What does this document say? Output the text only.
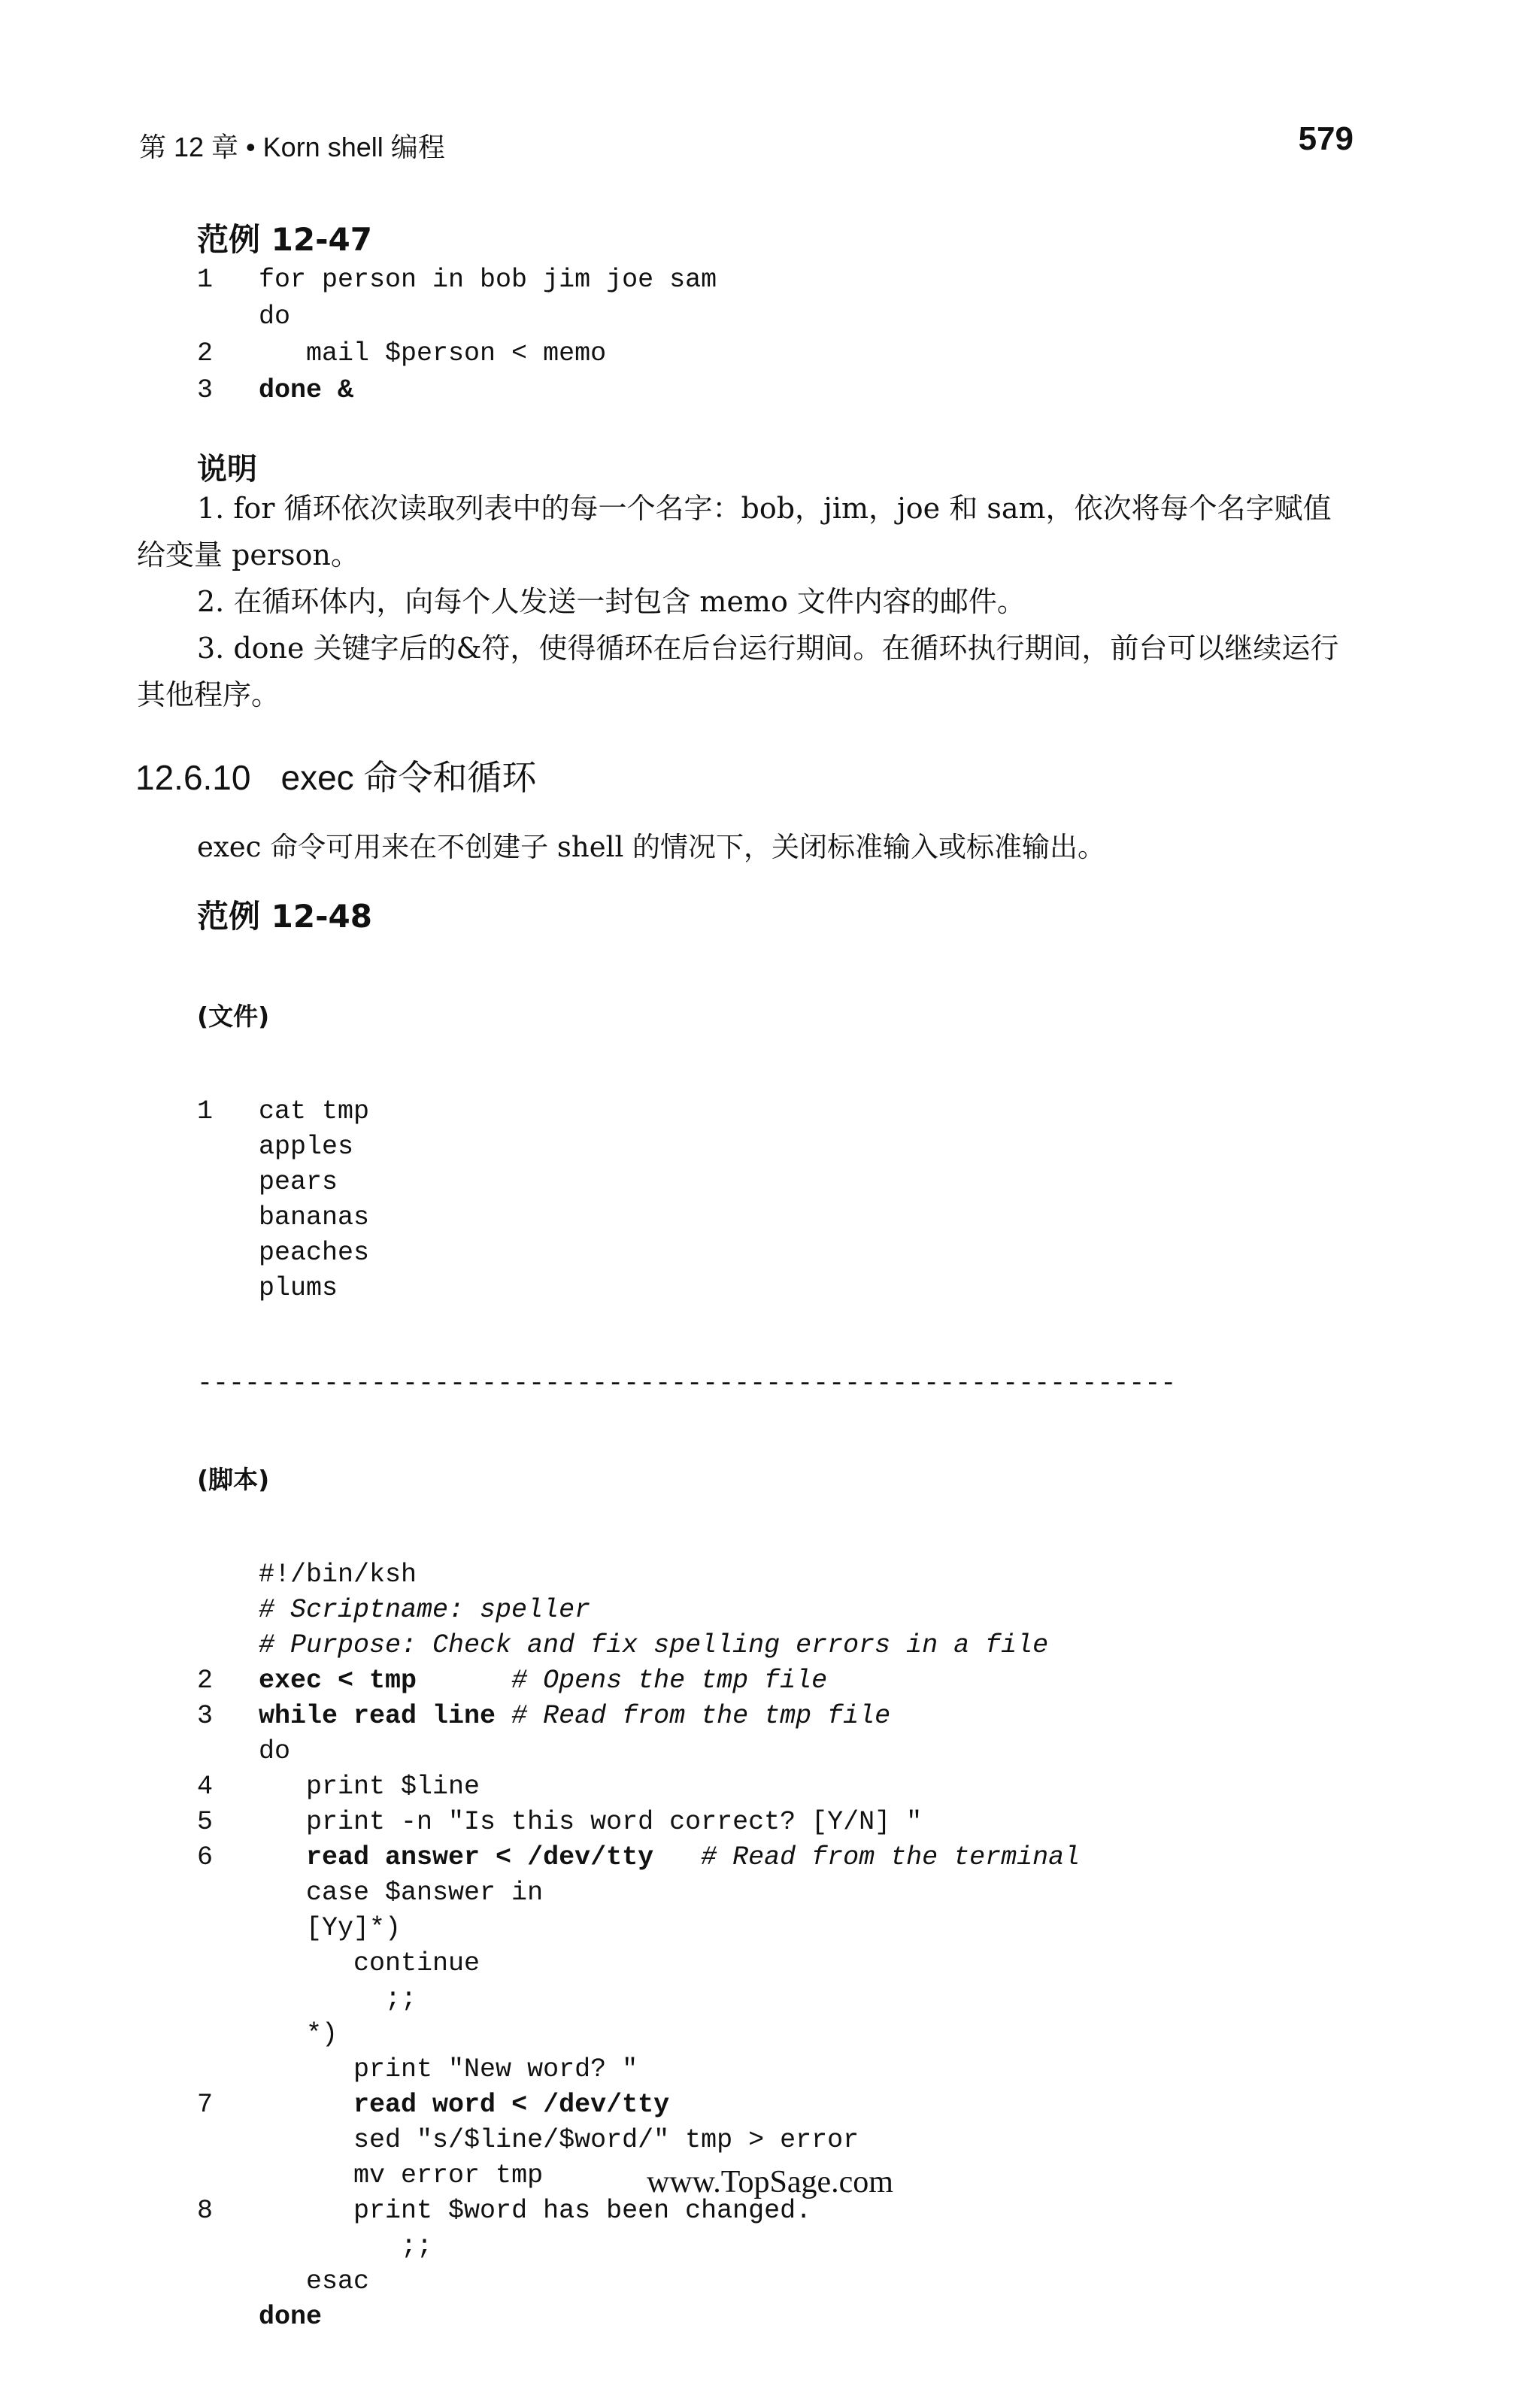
第 12 章 • Korn shell 编程	579
范例 12-47
1 for person in bob jim joe sam
do
2	mail $person < memo
3 done &
说明

1. for 循环依次读取列表中的每一个名字：bob，jim，joe 和 sam，依次将每个名字赋值给变量 person。

2. 在循环体内，向每个人发送一封包含 memo 文件内容的邮件。

3. done 关键字后的&符，使得循环在后台运行期间。在循环执行期间，前台可以继续运行其他程序。

12.6.10 exec 命令和循环
exec 命令可用来在不创建子 shell 的情况下，关闭标准输入或标准输出。
范例 12-48

(文件)

1 cat tmp
apples
pears
bananas
peaches
plums

--------------------------------------------------------------

(脚本)

#!/bin/ksh
# Scriptname: speller
# Purpose: Check and fix spelling errors in a file
2 exec < tmp      # Opens the tmp file
3 while read line # Read from the tmp file
do
4	print $line
5	print -n "Is this word correct? [Y/N] "
6	read answer < /dev/tty   # Read from the terminal
case $answer in
[Yy]*)
continue
;;
*)
print "New word? "
7	read word < /dev/tty
sed "s/$line/$word/" tmp > error
mv error tmp
8	print $word has been changed.
;;
esac
done

www.TopSage.com
